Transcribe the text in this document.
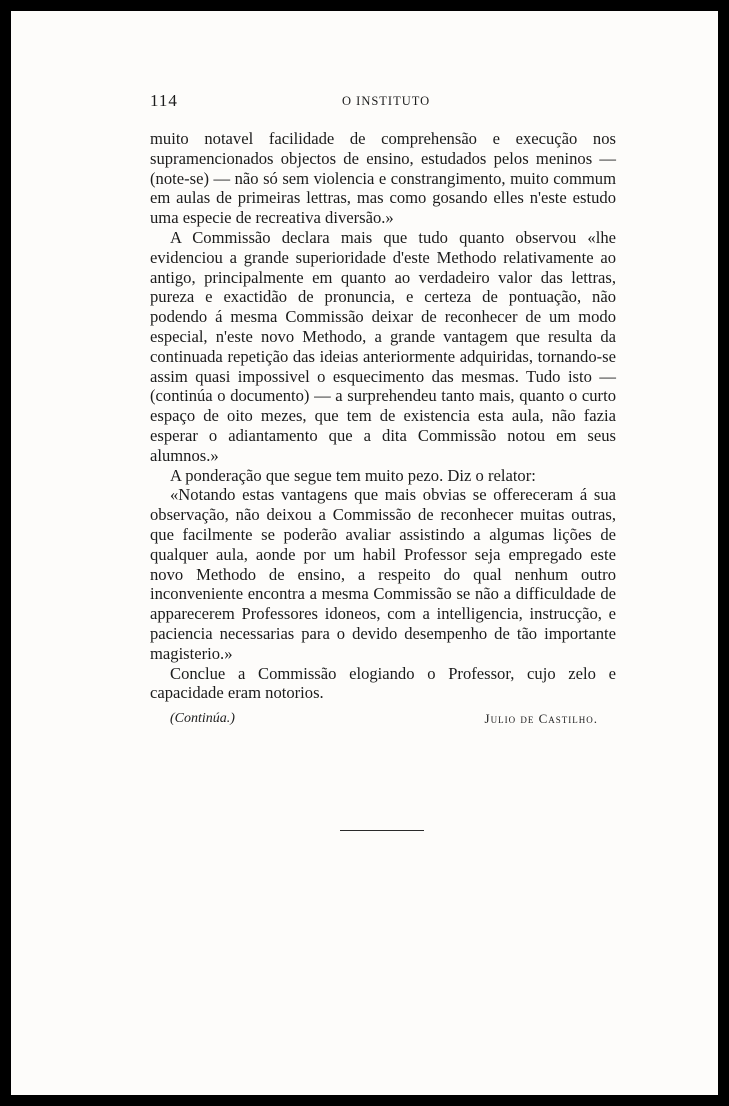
114	O INSTITUTO

muito notavel facilidade de comprehensão e execução nos supramencionados objectos de ensino, estudados pelos meninos — (note-se) — não só sem violencia e constrangimento, muito commum em aulas de primeiras lettras, mas como gosando elles n'este estudo uma especie de recreativa diversão.»

A Commissão declara mais que tudo quanto observou «lhe evidenciou a grande superioridade d'este Methodo relativamente ao antigo, principalmente em quanto ao verdadeiro valor das lettras, pureza e exactidão de pronuncia, e certeza de pontuação, não podendo á mesma Commissão deixar de reconhecer de um modo especial, n'este novo Methodo, a grande vantagem que resulta da continuada repetição das ideias anteriormente adquiridas, tornando-se assim quasi impossivel o esquecimento das mesmas. Tudo isto — (continúa o documento) — a surprehendeu tanto mais, quanto o curto espaço de oito mezes, que tem de existencia esta aula, não fazia esperar o adiantamento que a dita Commissão notou em seus alumnos.»

A ponderação que segue tem muito pezo. Diz o relator:

«Notando estas vantagens que mais obvias se offereceram á sua observação, não deixou a Commissão de reconhecer muitas outras, que facilmente se poderão avaliar assistindo a algumas lições de qualquer aula, aonde por um habil Professor seja empregado este novo Methodo de ensino, a respeito do qual nenhum outro inconveniente encontra a mesma Commissão se não a difficuldade de apparecerem Professores idoneos, com a intelligencia, instrucção, e paciencia necessarias para o devido desempenho de tão importante magisterio.»

Conclue a Commissão elogiando o Professor, cujo zelo e capacidade eram notorios.

(Continúa.)	Julio de Castilho.
